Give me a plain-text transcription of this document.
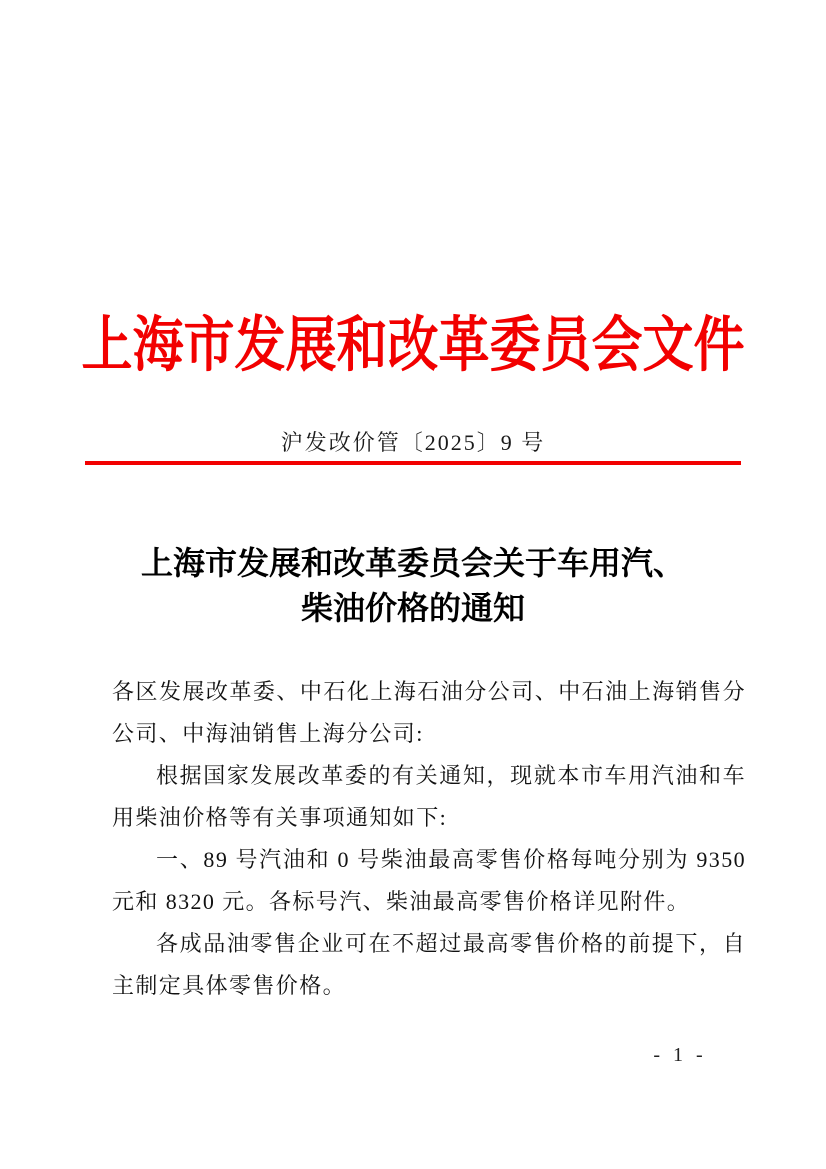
上海市发展和改革委员会文件
沪发改价管〔2025〕9 号
上海市发展和改革委员会关于车用汽、
柴油价格的通知

各区发展改革委、中石化上海石油分公司、中石油上海销售分公司、中海油销售上海分公司:

根据国家发展改革委的有关通知，现就本市车用汽油和车用柴油价格等有关事项通知如下:

一、89 号汽油和 0 号柴油最高零售价格每吨分别为 9350 元和 8320 元。各标号汽、柴油最高零售价格详见附件。

各成品油零售企业可在不超过最高零售价格的前提下，自主制定具体零售价格。

- 1 -
